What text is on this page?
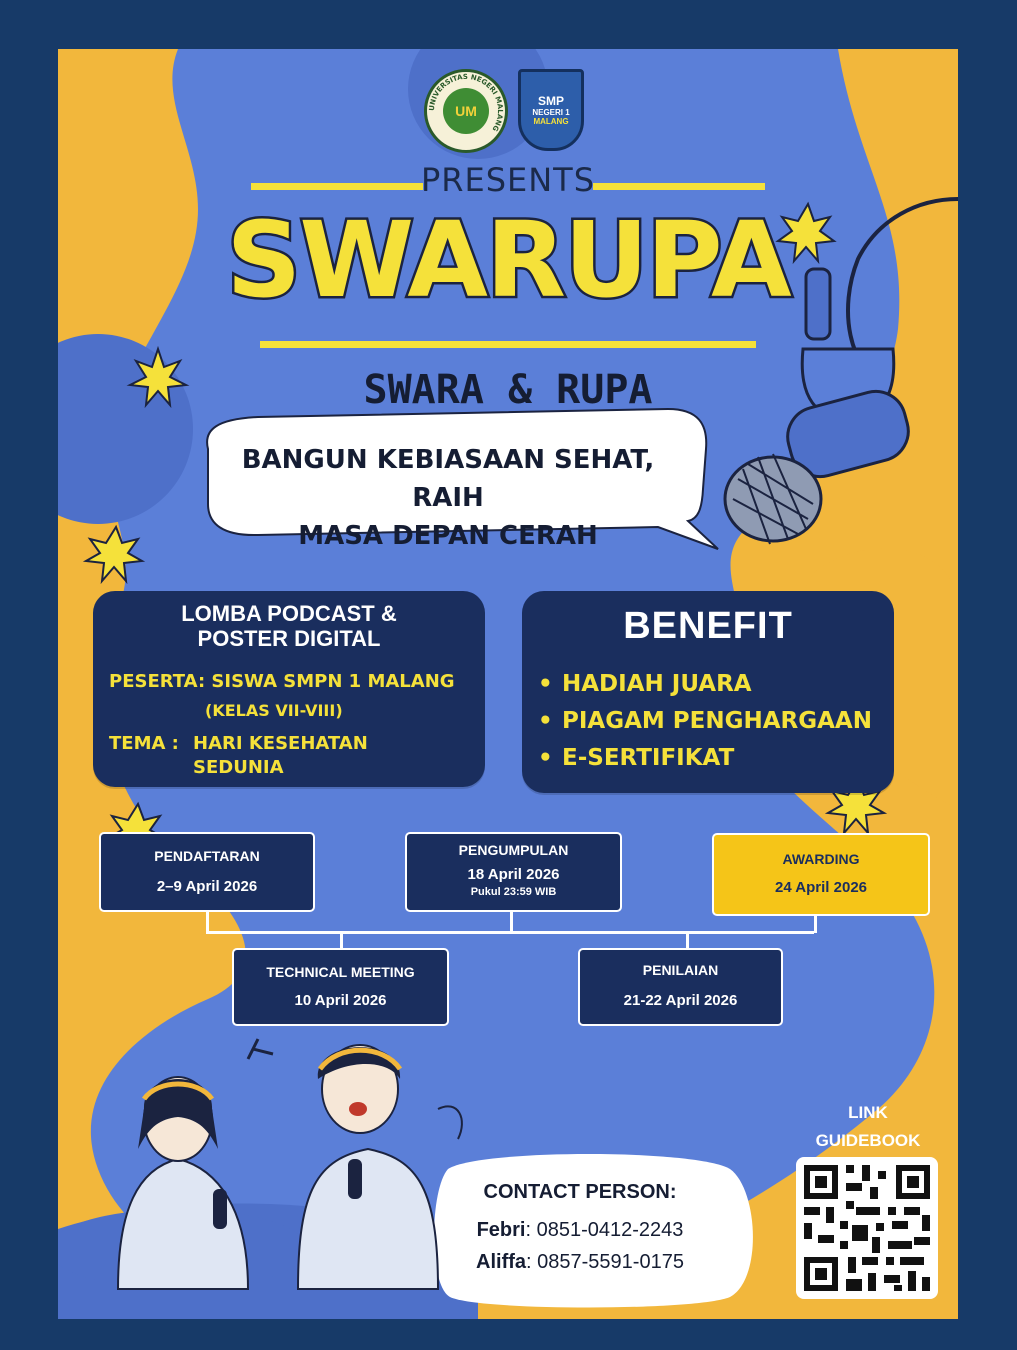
UM
UNIVERSITAS NEGERI MALANG
SMP
NEGERI 1
MALANG
PRESENTS
SWARUPA
SWARA & RUPA
BANGUN KEBIASAAN SEHAT, RAIH
MASA DEPAN CERAH
LOMBA PODCAST &
POSTER DIGITAL
PESERTA: SISWA SMPN 1 MALANG
(KELAS VII-VIII)
TEMA : HARI KESEHATAN
SEDUNIA
BENEFIT
• HADIAH JUARA
• PIAGAM PENGHARGAAN
• E-SERTIFIKAT
PENDAFTARAN
2–9 April 2026
PENGUMPULAN
18 April 2026
Pukul 23:59 WIB
AWARDING
24 April 2026
TECHNICAL MEETING
10 April 2026
PENILAIAN
21-22 April 2026
CONTACT PERSON:
Febri: 0851-0412-2243
Aliffa: 0857-5591-0175
LINK
GUIDEBOOK
